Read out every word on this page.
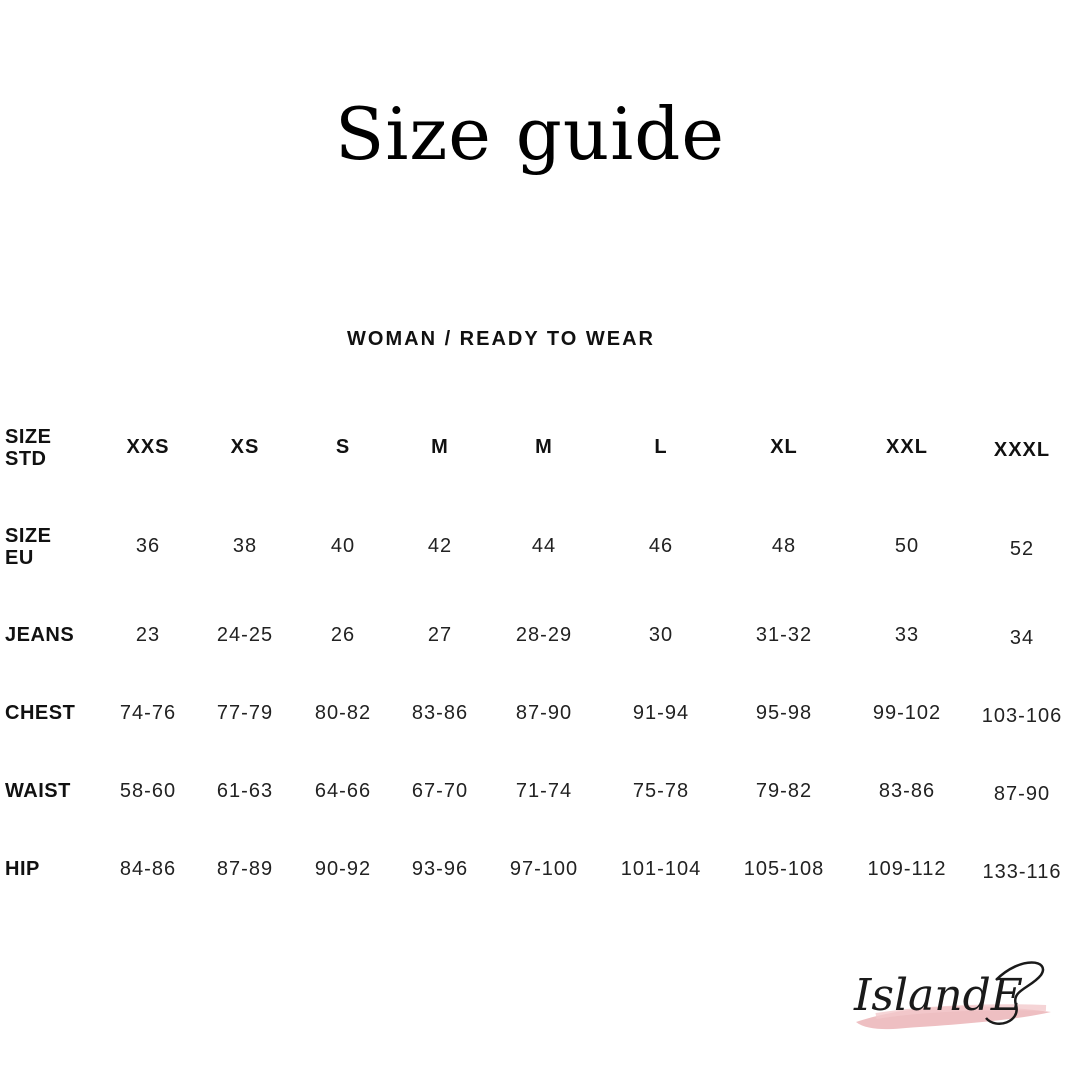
Size guide
WOMAN / READY TO WEAR
SIZE
STD
XXS	XS	S	M	M	L	XL	XXL	XXXL
SIZE
EU
36	38	40	42	44	46	48	50	52
JEANS	23	24-25	26	27	28-29	30	31-32	33	34
CHEST	74-76	77-79	80-82	83-86	87-90	91-94	95-98	99-102	103-106
WAIST	58-60	61-63	64-66	67-70	71-74	75-78	79-82	83-86	87-90
HIP	84-86	87-89	90-92	93-96	97-100	101-104	105-108	109-112	133-116
IslandE
